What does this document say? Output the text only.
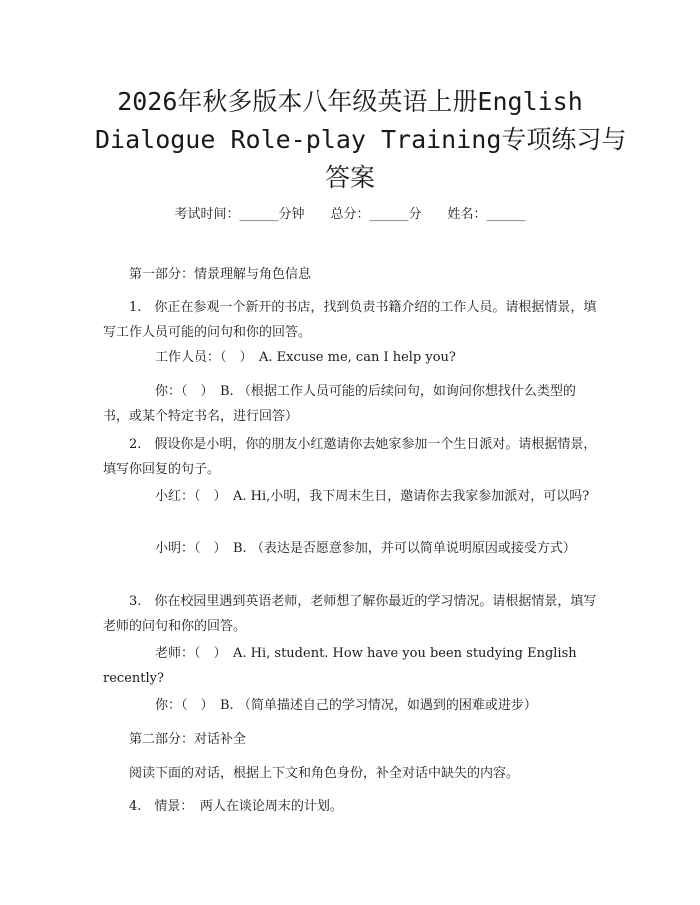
2026年秋多版本八年级英语上册English
Dialogue Role-play Training专项练习与
答案
考试时间：______分钟 总分：______分 姓名：______

第一部分：情景理解与角色信息

1.　你正在参观一个新开的书店，找到负责书籍介绍的工作人员。请根据情景，填写工作人员可能的问句和你的回答。

工作人员：（　）　A. Excuse me, can I help you?

你：（　）　B. （根据工作人员可能的后续问句，如询问你想找什么类型的书，或某个特定书名，进行回答）

2.　假设你是小明，你的朋友小红邀请你去她家参加一个生日派对。请根据情景，填写你回复的句子。

小红：（　）　A. Hi,小明，我下周末生日，邀请你去我家参加派对，可以吗?

小明：（　）　B. （表达是否愿意参加，并可以简单说明原因或接受方式）

3.　你在校园里遇到英语老师，老师想了解你最近的学习情况。请根据情景，填写老师的问句和你的回答。

老师：（　）　A. Hi, student. How have you been studying English recently?

你：（　）　B. （简单描述自己的学习情况，如遇到的困难或进步）

第二部分：对话补全

阅读下面的对话，根据上下文和角色身份，补全对话中缺失的内容。

4.　情景：　两人在谈论周末的计划。
